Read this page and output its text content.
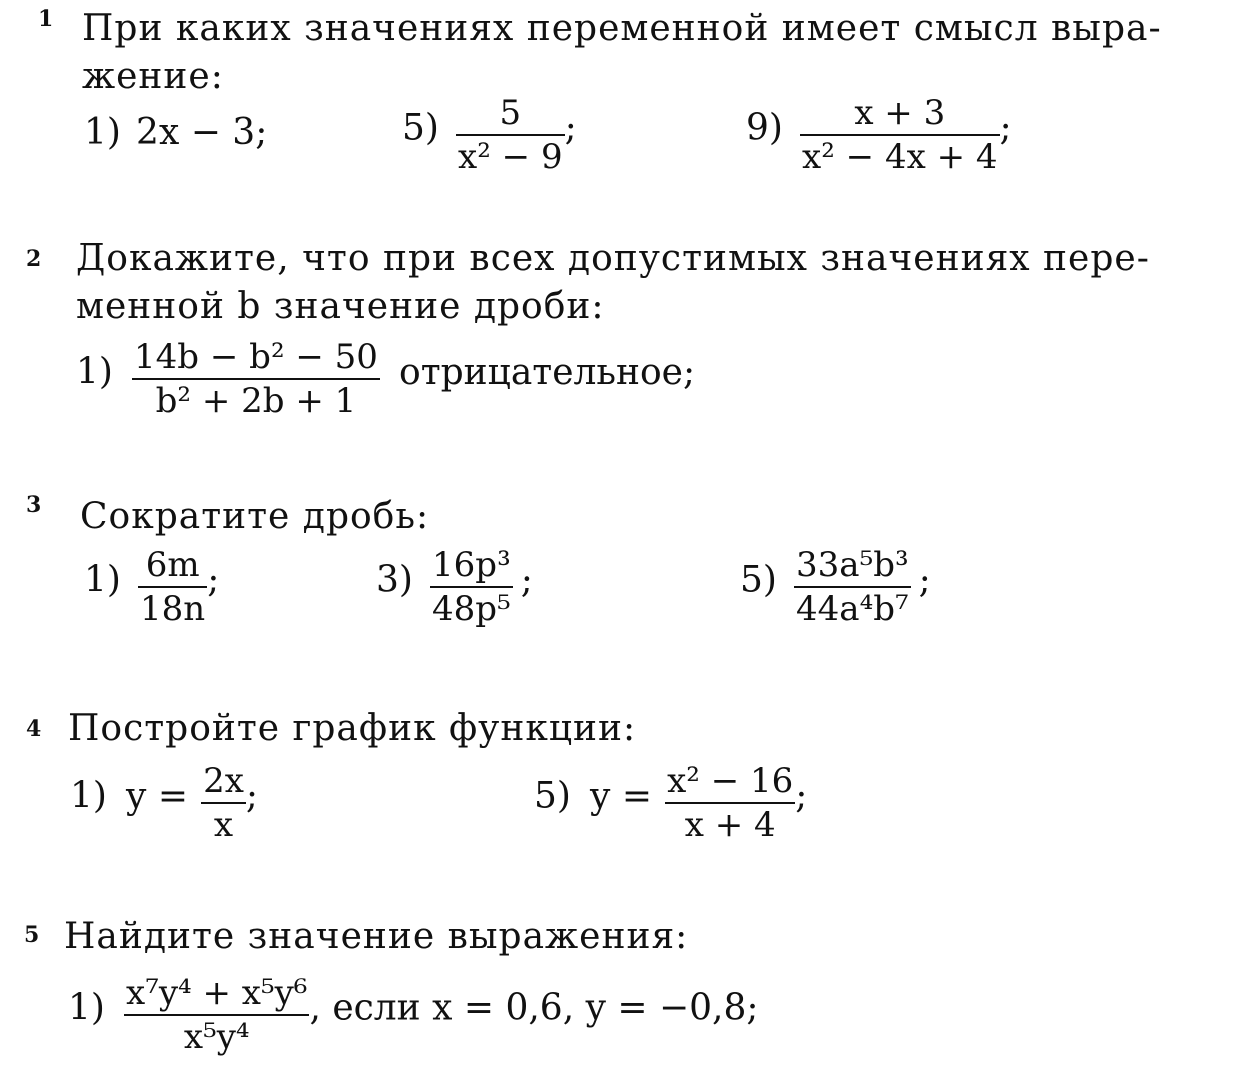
1 При каких значениях переменной имеет смысл выра-
жение:
1) 2x − 3;	$5) \frac{5}{\text{x² − 9}}$ ;	$9) \frac{x + 3}{\text{x² − 4x + 4}}$ ;
2 Докажите, что при всех допустимых значениях пере-
менной b значение дроби:
$1) \frac{\text{14b − b² − 50}}{\text{b² + 2b + 1}}$ отрицательное;
3 Сократите дробь:
$1) \frac{6m}{18n}$ ;	$3) \frac{\text{16p³}}{\text{48p⁵}}$ ;	$5) \frac{\text{33a⁵b³}}{\text{44a⁴b⁷}}$ ;
4 Постройте график функции:
1) $y = \frac{2x}{x}$ ;	5) $y = \frac{\text{x² − 16}}{x + 4}$ ;
5 Найдите значение выражения:
$1) \frac{\text{x⁷y⁴ + x⁵y⁶}}{\text{x⁵y⁴}}$ , если x = 0,6, y = −0,8;
